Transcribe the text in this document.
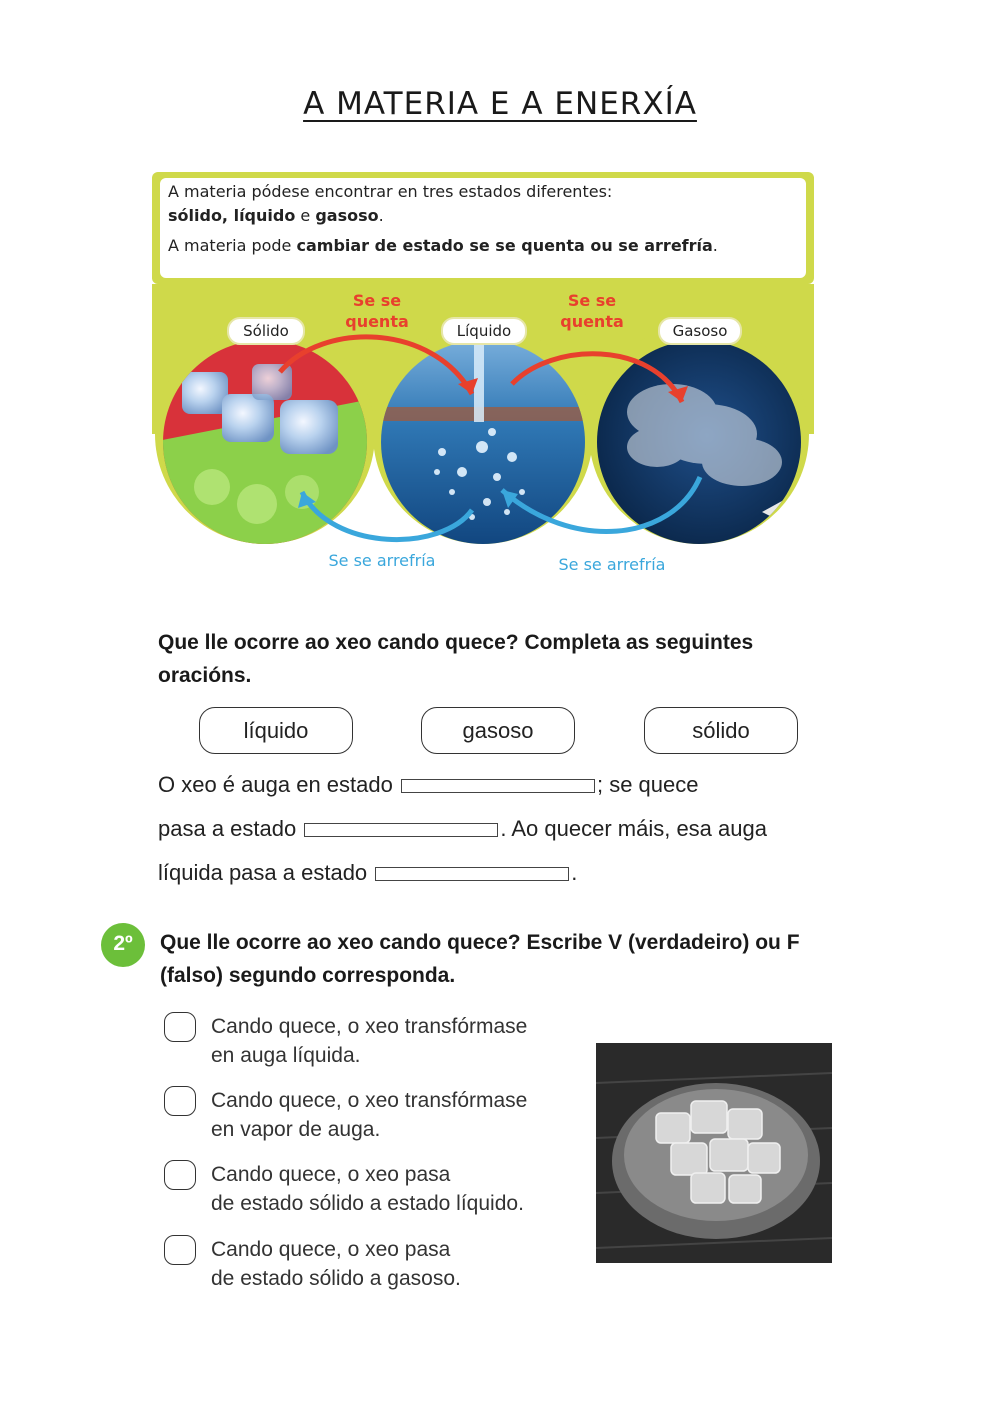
A MATERIA E A ENERXÍA
Sólido	Líquido	Gasoso
Se se
quenta
Se se
quenta
Se se arrefría	Se se arrefría
A materia pódese encontrar en tres estados diferentes:
sólido, líquido e gasoso.
A materia pode cambiar de estado se se quenta ou se arrefría.
Que lle ocorre ao xeo cando quece? Completa as seguintes oracións.
líquido	gasoso	sólido
O xeo é auga en estado	; se quece
pasa a estado	. Ao quecer máis, esa auga
líquida pasa a estado	.
2º	Que lle ocorre ao xeo cando quece? Escribe V (verdadeiro) ou F (falso) segundo corresponda.
Cando quece, o xeo transfórmase
en auga líquida.
Cando quece, o xeo transfórmase
en vapor de auga.
Cando quece, o xeo pasa
de estado sólido a estado líquido.
Cando quece, o xeo pasa
de estado sólido a gasoso.
